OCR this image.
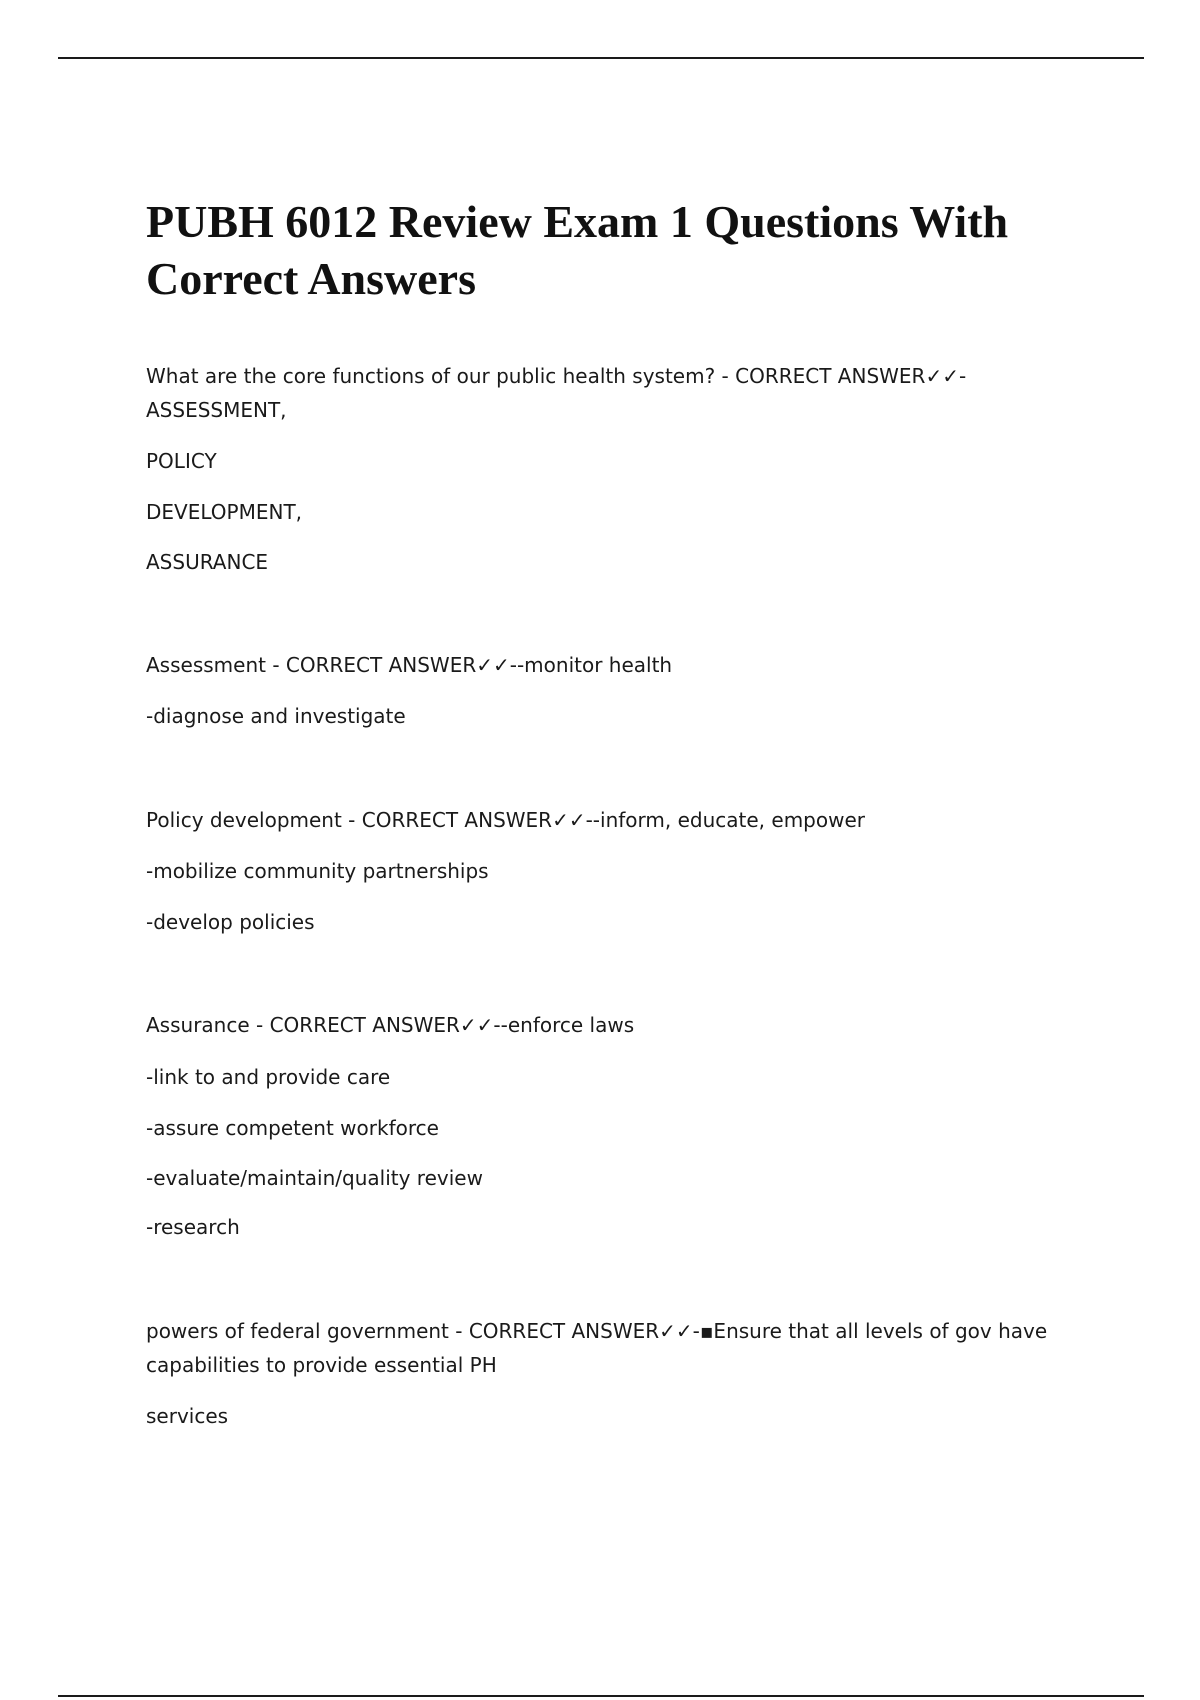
PUBH 6012 Review Exam 1 Questions With Correct Answers
What are the core functions of our public health system? - CORRECT ANSWER✓✓-
ASSESSMENT,
POLICY
DEVELOPMENT,
ASSURANCE
Assessment - CORRECT ANSWER✓✓--monitor health
-diagnose and investigate
Policy development - CORRECT ANSWER✓✓--inform, educate, empower
-mobilize community partnerships
-develop policies
Assurance - CORRECT ANSWER✓✓--enforce laws
-link to and provide care
-assure competent workforce
-evaluate/maintain/quality review
-research
powers of federal government - CORRECT ANSWER✓✓-▪Ensure that all levels of gov have
capabilities to provide essential PH
services
